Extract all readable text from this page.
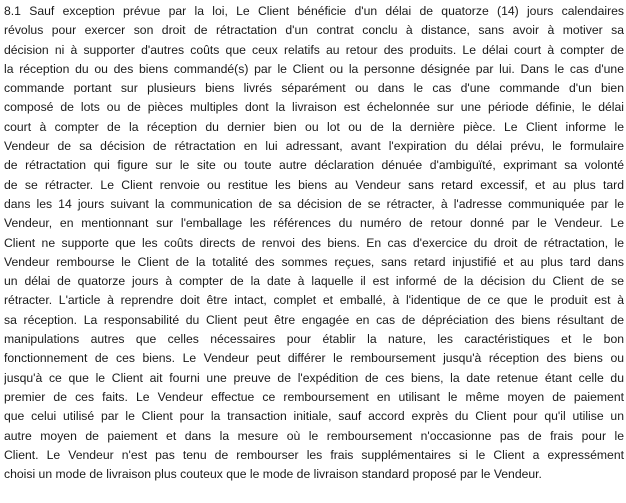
8.1 Sauf exception prévue par la loi, Le Client bénéficie d'un délai de quatorze (14) jours calendaires
révolus pour exercer son droit de rétractation d'un contrat conclu à distance, sans avoir à motiver sa
décision ni à supporter d'autres coûts que ceux relatifs au retour des produits. Le délai court à compter de
la réception du ou des biens commandé(s) par le Client ou la personne désignée par lui. Dans le cas d'une
commande portant sur plusieurs biens livrés séparément ou dans le cas d'une commande d'un bien
composé de lots ou de pièces multiples dont la livraison est échelonnée sur une période définie, le délai
court à compter de la réception du dernier bien ou lot ou de la dernière pièce. Le Client informe le
Vendeur de sa décision de rétractation en lui adressant, avant l'expiration du délai prévu, le formulaire
de rétractation qui figure sur le site ou toute autre déclaration dénuée d'ambiguïté, exprimant sa volonté
de se rétracter. Le Client renvoie ou restitue les biens au Vendeur sans retard excessif, et au plus tard
dans les 14 jours suivant la communication de sa décision de se rétracter, à l'adresse communiquée par le
Vendeur, en mentionnant sur l'emballage les références du numéro de retour donné par le Vendeur. Le
Client ne supporte que les coûts directs de renvoi des biens. En cas d'exercice du droit de rétractation, le
Vendeur rembourse le Client de la totalité des sommes reçues, sans retard injustifié et au plus tard dans
un délai de quatorze jours à compter de la date à laquelle il est informé de la décision du Client de se
rétracter. L'article à reprendre doit être intact, complet et emballé, à l'identique de ce que le produit est à
sa réception. La responsabilité du Client peut être engagée en cas de dépréciation des biens résultant de
manipulations autres que celles nécessaires pour établir la nature, les caractéristiques et le bon
fonctionnement de ces biens. Le Vendeur peut différer le remboursement jusqu'à réception des biens ou
jusqu'à ce que le Client ait fourni une preuve de l'expédition de ces biens, la date retenue étant celle du
premier de ces faits. Le Vendeur effectue ce remboursement en utilisant le même moyen de paiement
que celui utilisé par le Client pour la transaction initiale, sauf accord exprès du Client pour qu'il utilise un
autre moyen de paiement et dans la mesure où le remboursement n'occasionne pas de frais pour le
Client. Le Vendeur n'est pas tenu de rembourser les frais supplémentaires si le Client a expressément
choisi un mode de livraison plus couteux que le mode de livraison standard proposé par le Vendeur.
